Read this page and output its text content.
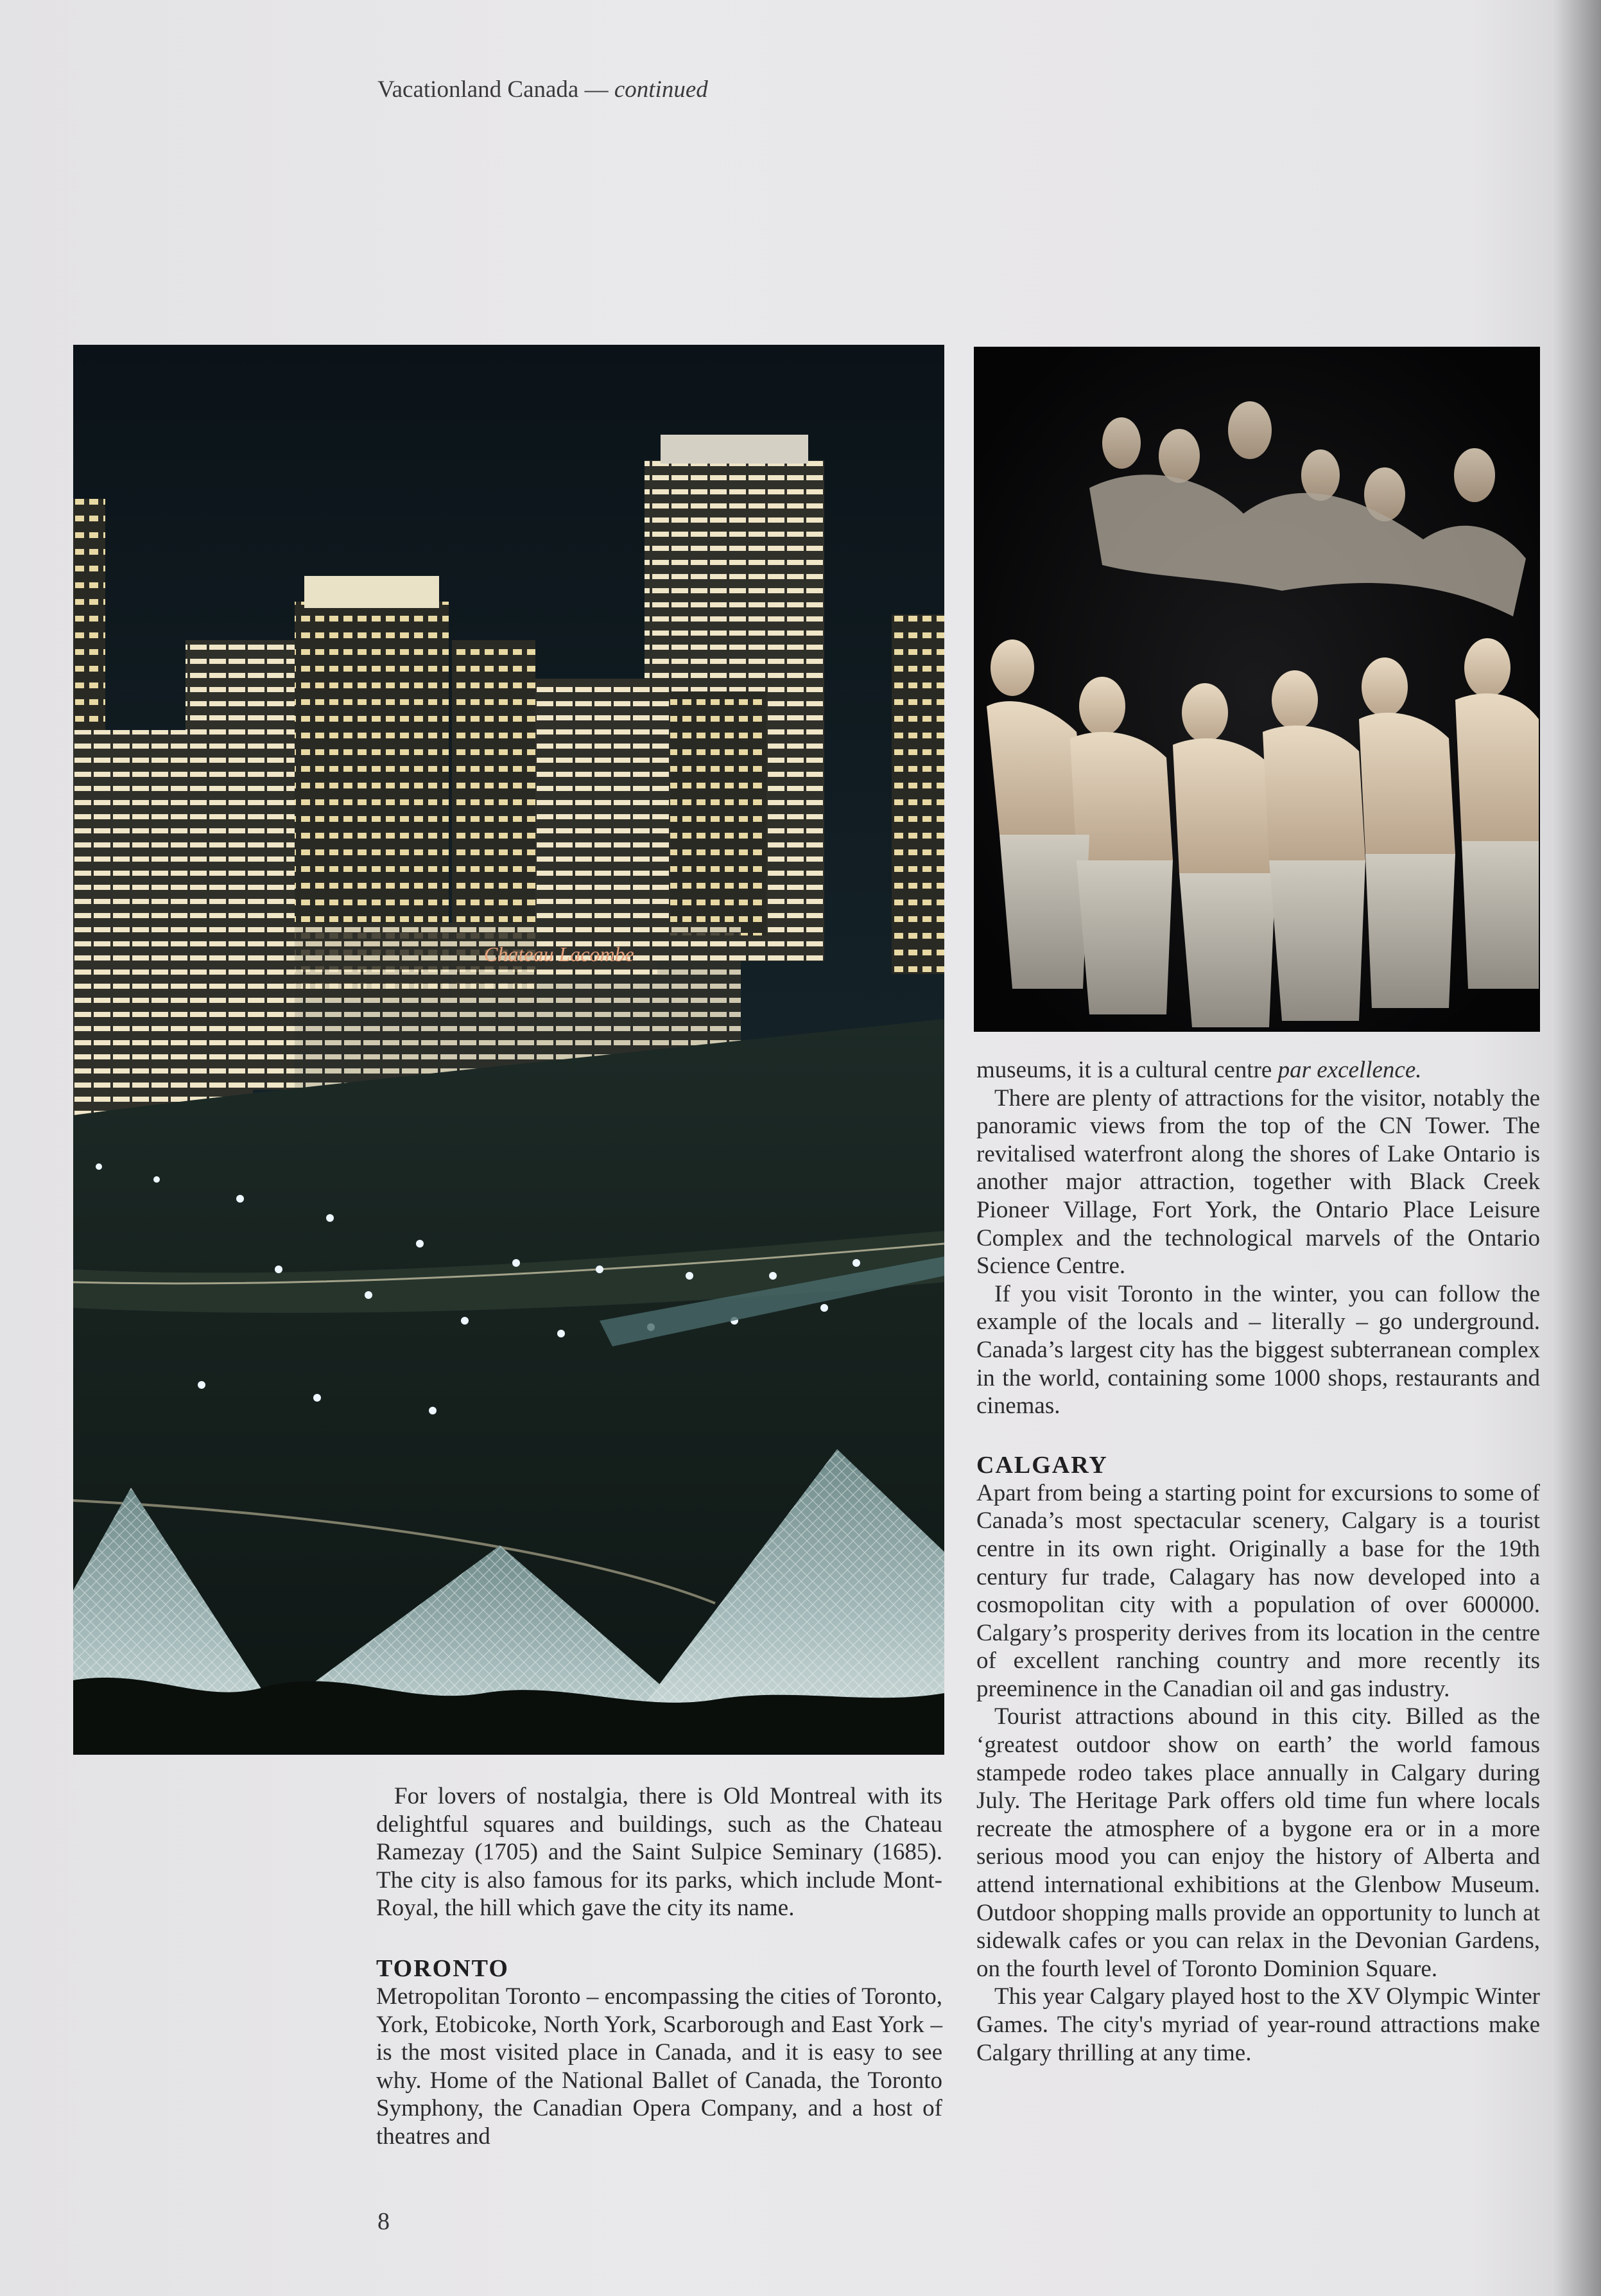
Vacationland Canada — continued
Chateau Lacombe

For lovers of nostalgia, there is Old Montreal with its delightful squares and buildings, such as the Chateau Ramezay (1705) and the Saint Sulpice Seminary (1685). The city is also famous for its parks, which include Mont-Royal, the hill which gave the city its name.

TORONTO

Metropolitan Toronto – encompassing the cities of Toronto, York, Etobicoke, North York, Scarborough and East York – is the most visited place in Canada, and it is easy to see why. Home of the National Ballet of Canada, the Toronto Symphony, the Canadian Opera Company, and a host of theatres and

museums, it is a cultural centre par excellence.

There are plenty of attractions for the visitor, notably the panoramic views from the top of the CN Tower. The revitalised waterfront along the shores of Lake Ontario is another major attraction, together with Black Creek Pioneer Village, Fort York, the Ontario Place Leisure Complex and the technological marvels of the Ontario Science Centre.

If you visit Toronto in the winter, you can follow the example of the locals and – literally – go underground. Canada’s largest city has the biggest subterranean complex in the world, containing some 1000 shops, restaurants and cinemas.

CALGARY

Apart from being a starting point for excursions to some of Canada’s most spectacular scenery, Calgary is a tourist centre in its own right. Originally a base for the 19th century fur trade, Calagary has now developed into a cosmopolitan city with a population of over 600000. Calgary’s prosperity derives from its location in the centre of excellent ranching country and more recently its preeminence in the Canadian oil and gas industry.

Tourist attractions abound in this city. Billed as the ‘greatest outdoor show on earth’ the world famous stampede rodeo takes place annually in Calgary during July. The Heritage Park offers old time fun where locals recreate the atmosphere of a bygone era or in a more serious mood you can enjoy the history of Alberta and attend international exhibitions at the Glenbow Museum. Outdoor shopping malls provide an opportunity to lunch at sidewalk cafes or you can relax in the Devonian Gardens, on the fourth level of Toronto Dominion Square.

This year Calgary played host to the XV Olympic Winter Games. The city's myriad of year-round attractions make Calgary thrilling at any time.

8
